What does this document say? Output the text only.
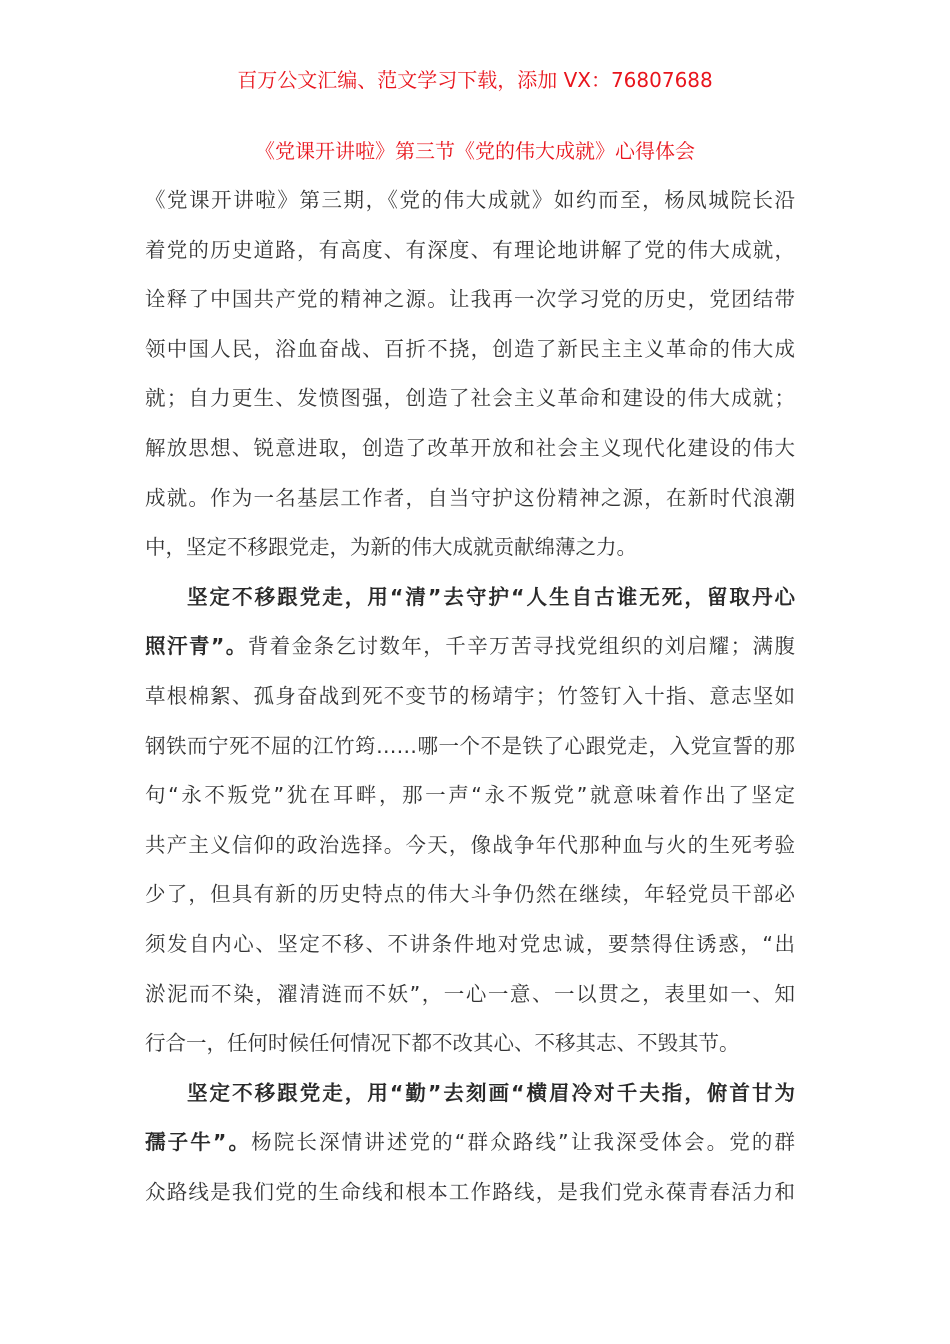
百万公文汇编、范文学习下载，添加 VX：76807688
《党课开讲啦》第三节《党的伟大成就》心得体会

《党课开讲啦》第三期，《党的伟大成就》如约而至，杨凤城院长沿
着党的历史道路，有高度、有深度、有理论地讲解了党的伟大成就，
诠释了中国共产党的精神之源。让我再一次学习党的历史，党团结带
领中国人民，浴血奋战、百折不挠，创造了新民主主义革命的伟大成
就；自力更生、发愤图强，创造了社会主义革命和建设的伟大成就；
解放思想、锐意进取，创造了改革开放和社会主义现代化建设的伟大
成就。作为一名基层工作者，自当守护这份精神之源，在新时代浪潮
中，坚定不移跟党走，为新的伟大成就贡献绵薄之力。

坚定不移跟党走，用“清”去守护“人生自古谁无死，留取丹心
照汗青”。背着金条乞讨数年，千辛万苦寻找党组织的刘启耀；满腹
草根棉絮、孤身奋战到死不变节的杨靖宇；竹签钉入十指、意志坚如
钢铁而宁死不屈的江竹筠……哪一个不是铁了心跟党走，入党宣誓的那
句“永不叛党”犹在耳畔，那一声“永不叛党”就意味着作出了坚定
共产主义信仰的政治选择。今天，像战争年代那种血与火的生死考验
少了，但具有新的历史特点的伟大斗争仍然在继续，年轻党员干部必
须发自内心、坚定不移、不讲条件地对党忠诚，要禁得住诱惑，“出
淤泥而不染，濯清涟而不妖”，一心一意、一以贯之，表里如一、知
行合一，任何时候任何情况下都不改其心、不移其志、不毁其节。

坚定不移跟党走，用“勤”去刻画“横眉冷对千夫指，俯首甘为
孺子牛”。杨院长深情讲述党的“群众路线”让我深受体会。党的群
众路线是我们党的生命线和根本工作路线，是我们党永葆青春活力和
